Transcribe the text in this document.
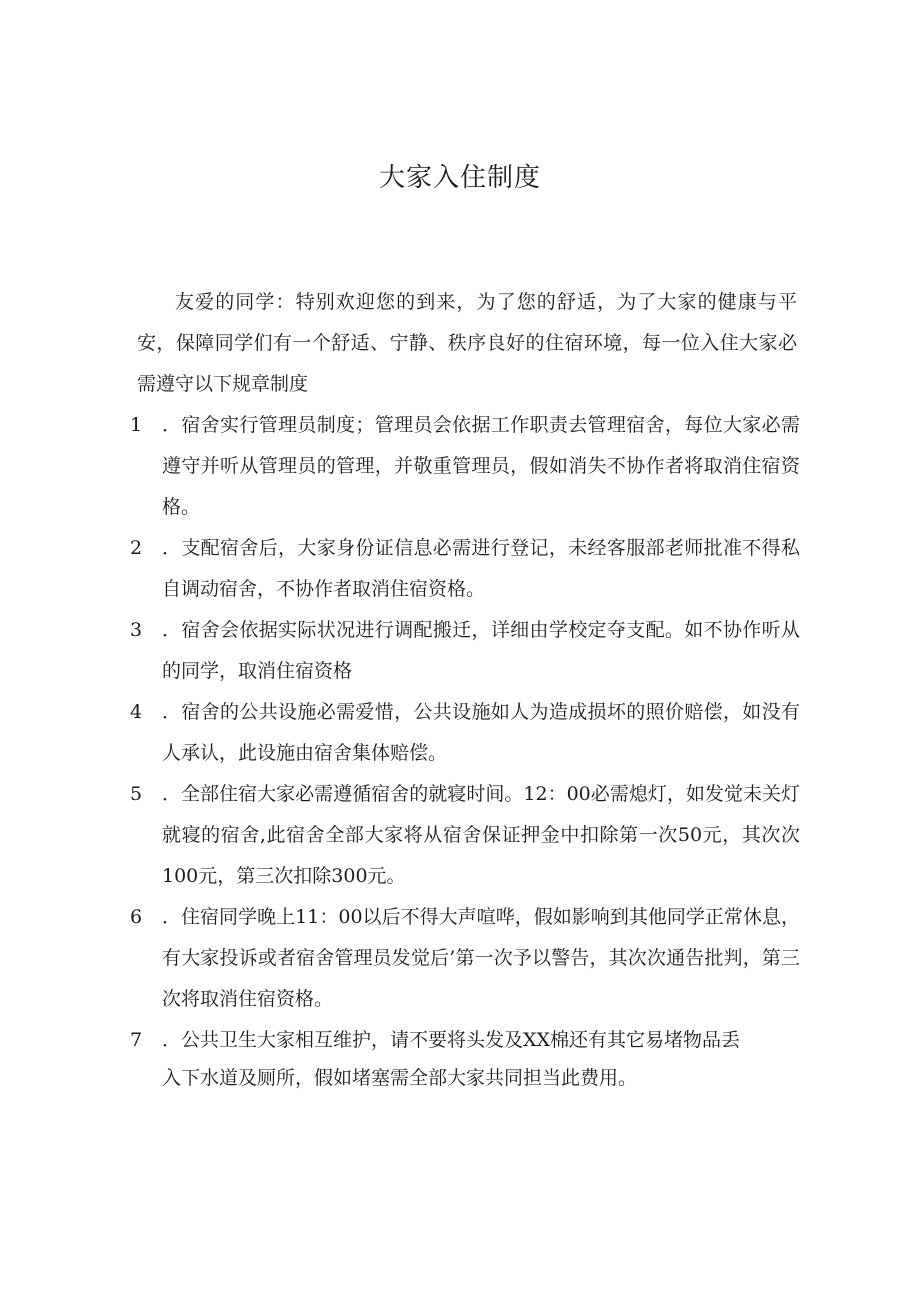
大家入住制度

友爱的同学：特别欢迎您的到来，为了您的舒适，为了大家的健康与平安，保障同学们有一个舒适、宁静、秩序良好的住宿环境，每一位入住大家必需遵守以下规章制度

1	．宿舍实行管理员制度；管理员会依据工作职责去管理宿舍，每位大家必需遵守并听从管理员的管理，并敬重管理员，假如消失不协作者将取消住宿资格。
2	．支配宿舍后，大家身份证信息必需进行登记，未经客服部老师批准不得私自调动宿舍，不协作者取消住宿资格。
3	．宿舍会依据实际状况进行调配搬迁，详细由学校定夺支配。如不协作听从的同学，取消住宿资格
4	．宿舍的公共设施必需爱惜，公共设施如人为造成损坏的照价赔偿，如没有人承认，此设施由宿舍集体赔偿。
5	．全部住宿大家必需遵循宿舍的就寝时间。12：00必需熄灯，如发觉未关灯就寝的宿舍,此宿舍全部大家将从宿舍保证押金中扣除第一次50元，其次次100元，第三次扣除300元。
6	．住宿同学晚上11：00以后不得大声喧哗，假如影响到其他同学正常休息，有大家投诉或者宿舍管理员发觉后’第一次予以警告，其次次通告批判，第三次将取消住宿资格。
7	．公共卫生大家相互维护，请不要将头发及XX棉还有其它易堵物品丢
入下水道及厕所，假如堵塞需全部大家共同担当此费用。
